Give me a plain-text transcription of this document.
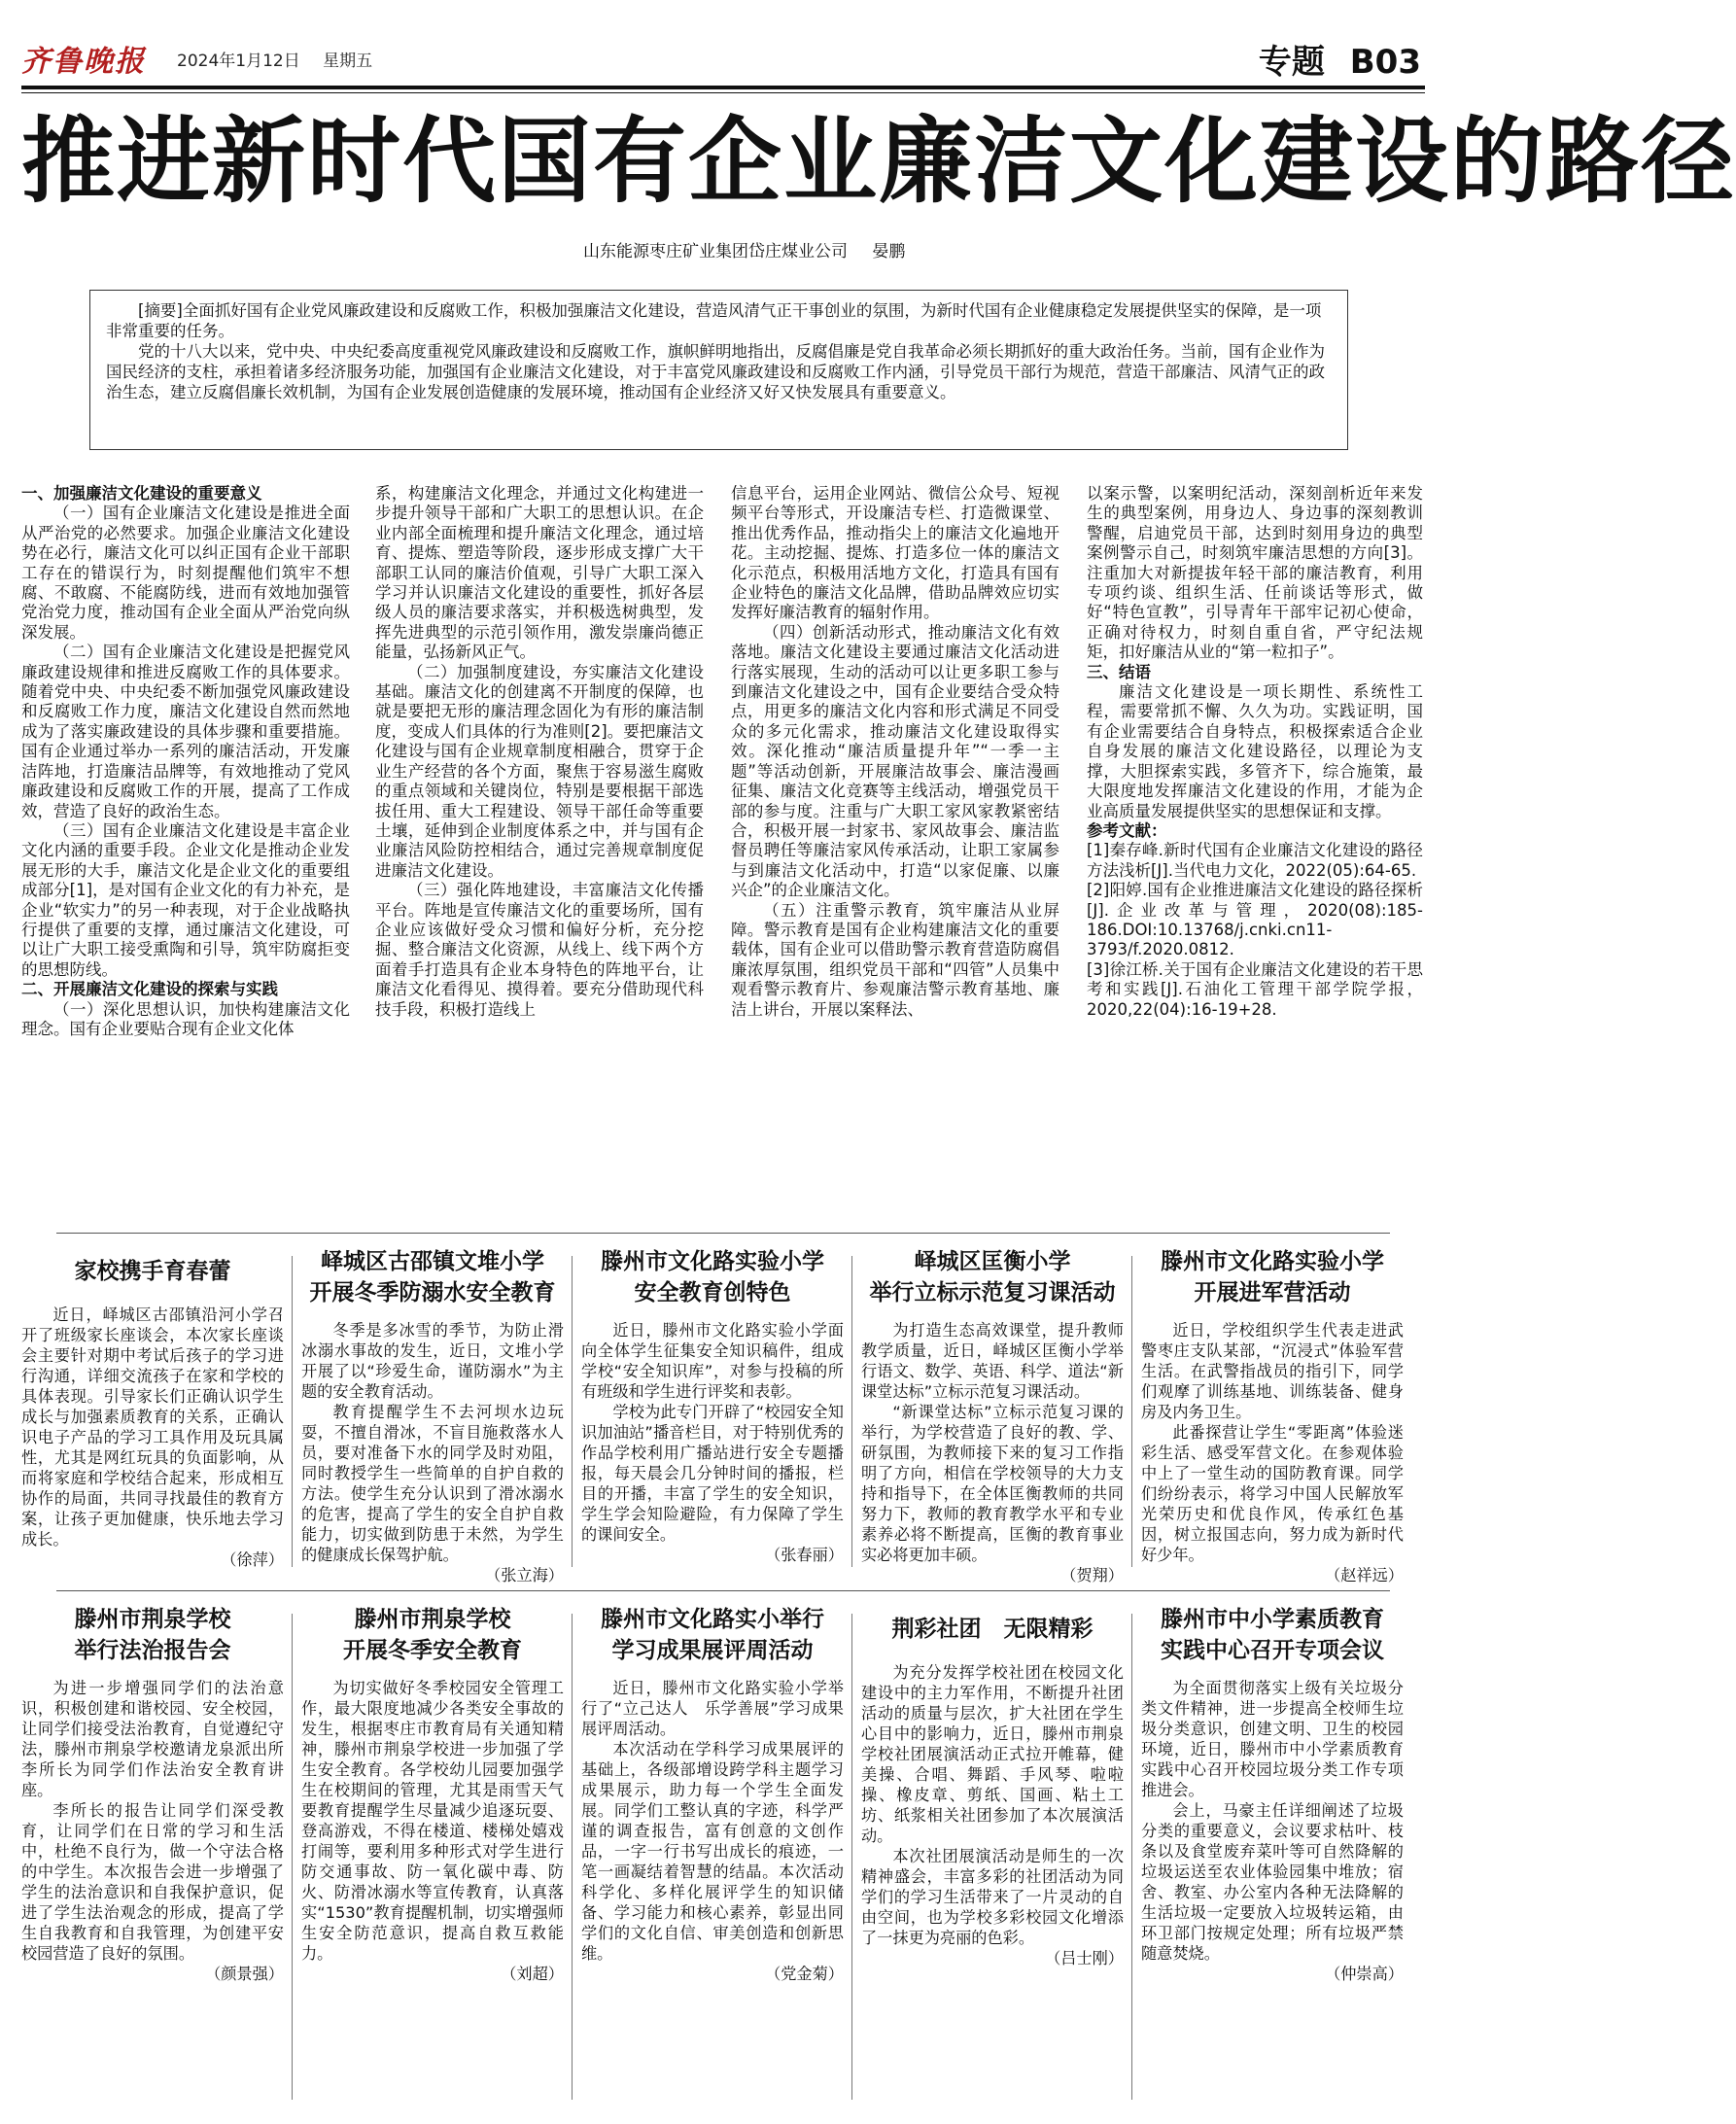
齐鲁晚报 2024年1月12日 星期五	专题 B03
推进新时代国有企业廉洁文化建设的路径
山东能源枣庄矿业集团岱庄煤业公司 晏鹏

[摘要]全面抓好国有企业党风廉政建设和反腐败工作，积极加强廉洁文化建设，营造风清气正干事创业的氛围，为新时代国有企业健康稳定发展提供坚实的保障，是一项非常重要的任务。

党的十八大以来，党中央、中央纪委高度重视党风廉政建设和反腐败工作，旗帜鲜明地指出，反腐倡廉是党自我革命必须长期抓好的重大政治任务。当前，国有企业作为国民经济的支柱，承担着诸多经济服务功能，加强国有企业廉洁文化建设，对于丰富党风廉政建设和反腐败工作内涵，引导党员干部行为规范，营造干部廉洁、风清气正的政治生态，建立反腐倡廉长效机制，为国有企业发展创造健康的发展环境，推动国有企业经济又好又快发展具有重要意义。

一、加强廉洁文化建设的重要意义

（一）国有企业廉洁文化建设是推进全面从严治党的必然要求。加强企业廉洁文化建设势在必行，廉洁文化可以纠正国有企业干部职工存在的错误行为，时刻提醒他们筑牢不想腐、不敢腐、不能腐防线，进而有效地加强管党治党力度，推动国有企业全面从严治党向纵深发展。

（二）国有企业廉洁文化建设是把握党风廉政建设规律和推进反腐败工作的具体要求。随着党中央、中央纪委不断加强党风廉政建设和反腐败工作力度，廉洁文化建设自然而然地成为了落实廉政建设的具体步骤和重要措施。国有企业通过举办一系列的廉洁活动，开发廉洁阵地，打造廉洁品牌等，有效地推动了党风廉政建设和反腐败工作的开展，提高了工作成效，营造了良好的政治生态。

（三）国有企业廉洁文化建设是丰富企业文化内涵的重要手段。企业文化是推动企业发展无形的大手，廉洁文化是企业文化的重要组成部分[1]，是对国有企业文化的有力补充，是企业“软实力”的另一种表现，对于企业战略执行提供了重要的支撑，通过廉洁文化建设，可以让广大职工接受熏陶和引导，筑牢防腐拒变的思想防线。

二、开展廉洁文化建设的探索与实践

（一）深化思想认识，加快构建廉洁文化理念。国有企业要贴合现有企业文化体

系，构建廉洁文化理念，并通过文化构建进一步提升领导干部和广大职工的思想认识。在企业内部全面梳理和提升廉洁文化理念，通过培育、提炼、塑造等阶段，逐步形成支撑广大干部职工认同的廉洁价值观，引导广大职工深入学习并认识廉洁文化建设的重要性，抓好各层级人员的廉洁要求落实，并积极选树典型，发挥先进典型的示范引领作用，激发崇廉尚德正能量，弘扬新风正气。

（二）加强制度建设，夯实廉洁文化建设基础。廉洁文化的创建离不开制度的保障，也就是要把无形的廉洁理念固化为有形的廉洁制度，变成人们具体的行为准则[2]。要把廉洁文化建设与国有企业规章制度相融合，贯穿于企业生产经营的各个方面，聚焦于容易滋生腐败的重点领域和关键岗位，特别是要根据干部选拔任用、重大工程建设、领导干部任命等重要土壤，延伸到企业制度体系之中，并与国有企业廉洁风险防控相结合，通过完善规章制度促进廉洁文化建设。

（三）强化阵地建设，丰富廉洁文化传播平台。阵地是宣传廉洁文化的重要场所，国有企业应该做好受众习惯和偏好分析，充分挖掘、整合廉洁文化资源，从线上、线下两个方面着手打造具有企业本身特色的阵地平台，让廉洁文化看得见、摸得着。要充分借助现代科技手段，积极打造线上

信息平台，运用企业网站、微信公众号、短视频平台等形式，开设廉洁专栏、打造微课堂、推出优秀作品，推动指尖上的廉洁文化遍地开花。主动挖掘、提炼、打造多位一体的廉洁文化示范点，积极用活地方文化，打造具有国有企业特色的廉洁文化品牌，借助品牌效应切实发挥好廉洁教育的辐射作用。

（四）创新活动形式，推动廉洁文化有效落地。廉洁文化建设主要通过廉洁文化活动进行落实展现，生动的活动可以让更多职工参与到廉洁文化建设之中，国有企业要结合受众特点，用更多的廉洁文化内容和形式满足不同受众的多元化需求，推动廉洁文化建设取得实效。深化推动“廉洁质量提升年”“一季一主题”等活动创新，开展廉洁故事会、廉洁漫画征集、廉洁文化竞赛等主线活动，增强党员干部的参与度。注重与广大职工家风家教紧密结合，积极开展一封家书、家风故事会、廉洁监督员聘任等廉洁家风传承活动，让职工家属参与到廉洁文化活动中，打造“以家促廉、以廉兴企”的企业廉洁文化。

（五）注重警示教育，筑牢廉洁从业屏障。警示教育是国有企业构建廉洁文化的重要载体，国有企业可以借助警示教育营造防腐倡廉浓厚氛围，组织党员干部和“四管”人员集中观看警示教育片、参观廉洁警示教育基地、廉洁上讲台，开展以案释法、

以案示警，以案明纪活动，深刻剖析近年来发生的典型案例，用身边人、身边事的深刻教训警醒，启迪党员干部，达到时刻用身边的典型案例警示自己，时刻筑牢廉洁思想的方向[3]。注重加大对新提拔年轻干部的廉洁教育，利用专项约谈、组织生活、任前谈话等形式，做好“特色宣教”，引导青年干部牢记初心使命，正确对待权力，时刻自重自省，严守纪法规矩，扣好廉洁从业的“第一粒扣子”。

三、结语

廉洁文化建设是一项长期性、系统性工程，需要常抓不懈、久久为功。实践证明，国有企业需要结合自身特点，积极探索适合企业自身发展的廉洁文化建设路径，以理论为支撑，大胆探索实践，多管齐下，综合施策，最大限度地发挥廉洁文化建设的作用，才能为企业高质量发展提供坚实的思想保证和支撑。

参考文献：

[1]秦存峰.新时代国有企业廉洁文化建设的路径方法浅析[J].当代电力文化，2022(05):64-65.

[2]阳婷.国有企业推进廉洁文化建设的路径探析[J].企业改革与管理，2020(08):185-186.DOI:10.13768/j.cnki.cn11-3793/f.2020.0812.

[3]徐江桥.关于国有企业廉洁文化建设的若干思考和实践[J].石油化工管理干部学院学报，2020,22(04):16-19+28.

家校携手育春蕾

近日，峄城区古邵镇沿河小学召开了班级家长座谈会，本次家长座谈会主要针对期中考试后孩子的学习进行沟通，详细交流孩子在家和学校的具体表现。引导家长们正确认识学生成长与加强素质教育的关系，正确认识电子产品的学习工具作用及玩具属性，尤其是网红玩具的负面影响，从而将家庭和学校结合起来，形成相互协作的局面，共同寻找最佳的教育方案，让孩子更加健康，快乐地去学习成长。

（徐萍）
峄城区古邵镇文堆小学
开展冬季防溺水安全教育

冬季是多冰雪的季节，为防止滑冰溺水事故的发生，近日，文堆小学开展了以“珍爱生命，谨防溺水”为主题的安全教育活动。

教育提醒学生不去河坝水边玩耍，不擅自滑冰，不盲目施救落水人员，要对准备下水的同学及时劝阻，同时教授学生一些简单的自护自救的方法。使学生充分认识到了滑冰溺水的危害，提高了学生的安全自护自救能力，切实做到防患于未然，为学生的健康成长保驾护航。

（张立海）
滕州市文化路实验小学
安全教育创特色

近日，滕州市文化路实验小学面向全体学生征集安全知识稿件，组成学校“安全知识库”，对参与投稿的所有班级和学生进行评奖和表彰。

学校为此专门开辟了“校园安全知识加油站”播音栏目，对于特别优秀的作品学校利用广播站进行安全专题播报，每天晨会几分钟时间的播报，栏目的开播，丰富了学生的安全知识，学生学会知险避险，有力保障了学生的课间安全。

（张春丽）
峄城区匡衡小学
举行立标示范复习课活动

为打造生态高效课堂，提升教师教学质量，近日，峄城区匡衡小学举行语文、数学、英语、科学、道法“新课堂达标”立标示范复习课活动。

“新课堂达标”立标示范复习课的举行，为学校营造了良好的教、学、研氛围，为教师接下来的复习工作指明了方向，相信在学校领导的大力支持和指导下，在全体匡衡教师的共同努力下，教师的教育教学水平和专业素养必将不断提高，匡衡的教育事业实必将更加丰硕。

（贺翔）
滕州市文化路实验小学
开展进军营活动

近日，学校组织学生代表走进武警枣庄支队某部，“沉浸式”体验军营生活。在武警指战员的指引下，同学们观摩了训练基地、训练装备、健身房及内务卫生。

此番探营让学生“零距离”体验迷彩生活、感受军营文化。在参观体验中上了一堂生动的国防教育课。同学们纷纷表示，将学习中国人民解放军光荣历史和优良作风，传承红色基因，树立报国志向，努力成为新时代好少年。

（赵祥远）
滕州市荆泉学校
举行法治报告会

为进一步增强同学们的法治意识，积极创建和谐校园、安全校园，让同学们接受法治教育，自觉遵纪守法，滕州市荆泉学校邀请龙泉派出所李所长为同学们作法治安全教育讲座。

李所长的报告让同学们深受教育，让同学们在日常的学习和生活中，杜绝不良行为，做一个守法合格的中学生。本次报告会进一步增强了学生的法治意识和自我保护意识，促进了学生法治观念的形成，提高了学生自我教育和自我管理，为创建平安校园营造了良好的氛围。

（颜景强）
滕州市荆泉学校
开展冬季安全教育

为切实做好冬季校园安全管理工作，最大限度地减少各类安全事故的发生，根据枣庄市教育局有关通知精神，滕州市荆泉学校进一步加强了学生安全教育。各学校幼儿园要加强学生在校期间的管理，尤其是雨雪天气要教育提醒学生尽量减少追逐玩耍、登高游戏，不得在楼道、楼梯处嬉戏打闹等，要利用多种形式对学生进行防交通事故、防一氧化碳中毒、防火、防滑冰溺水等宣传教育，认真落实“1530”教育提醒机制，切实增强师生安全防范意识，提高自救互救能力。

（刘超）
滕州市文化路实小举行
学习成果展评周活动

近日，滕州市文化路实验小学举行了“立己达人　乐学善展”学习成果展评周活动。

本次活动在学科学习成果展评的基础上，各级部增设跨学科主题学习成果展示，助力每一个学生全面发展。同学们工整认真的字迹，科学严谨的调查报告，富有创意的文创作品，一字一行书写出成长的痕迹，一笔一画凝结着智慧的结晶。本次活动科学化、多样化展评学生的知识储备、学习能力和核心素养，彰显出同学们的文化自信、审美创造和创新思维。

（党金菊）
荆彩社团　无限精彩

为充分发挥学校社团在校园文化建设中的主力军作用，不断提升社团活动的质量与层次，扩大社团在学生心目中的影响力，近日，滕州市荆泉学校社团展演活动正式拉开帷幕，健美操、合唱、舞蹈、手风琴、啦啦操、橡皮章、剪纸、国画、粘土工坊、纸浆相关社团参加了本次展演活动。

本次社团展演活动是师生的一次精神盛会，丰富多彩的社团活动为同学们的学习生活带来了一片灵动的自由空间，也为学校多彩校园文化增添了一抹更为亮丽的色彩。

（吕士刚）
滕州市中小学素质教育
实践中心召开专项会议

为全面贯彻落实上级有关垃圾分类文件精神，进一步提高全校师生垃圾分类意识，创建文明、卫生的校园环境，近日，滕州市中小学素质教育实践中心召开校园垃圾分类工作专项推进会。

会上，马豪主任详细阐述了垃圾分类的重要意义，会议要求枯叶、枝条以及食堂废弃菜叶等可自然降解的垃圾运送至农业体验园集中堆放；宿舍、教室、办公室内各种无法降解的生活垃圾一定要放入垃圾转运箱，由环卫部门按规定处理；所有垃圾严禁随意焚烧。

（仲崇高）
